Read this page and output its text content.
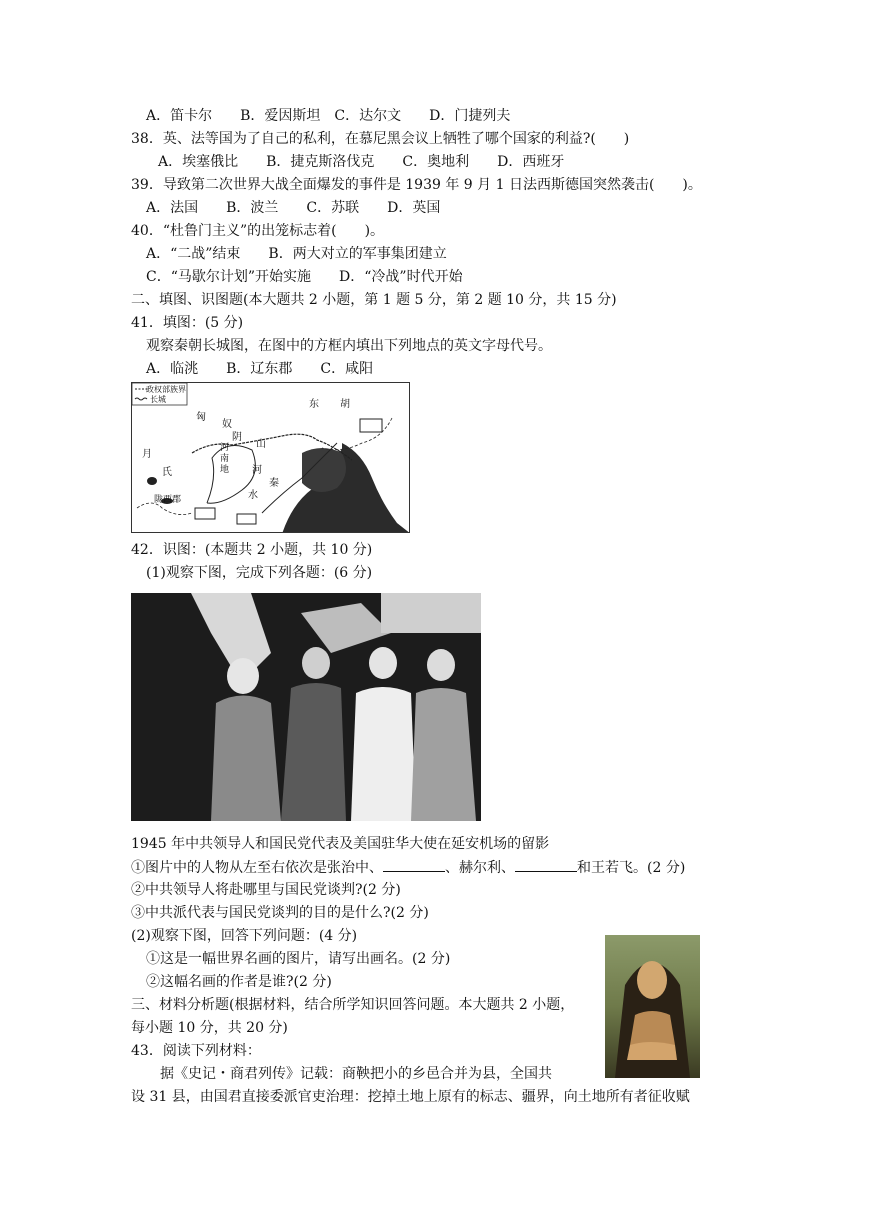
A．笛卡尔　　B．爱因斯坦　C．达尔文　　D．门捷列夫
38．英、法等国为了自己的私利，在慕尼黑会议上牺牲了哪个国家的利益?(　　)
A．埃塞俄比　　B．捷克斯洛伐克　　C．奥地利　　D．西班牙
39．导致第二次世界大战全面爆发的事件是 1939 年 9 月 1 日法西斯德国突然袭击(　　)。
A．法国　　B．波兰　　C．苏联　　D．英国
40．“杜鲁门主义”的出笼标志着(　　)。
A．“二战”结束　　B．两大对立的军事集团建立
C．“马歇尔计划”开始实施　　D．“冷战”时代开始
二、填图、识图题(本大题共 2 小题，第 1 题 5 分，第 2 题 10 分，共 15 分)
41．填图：(5 分)
观察秦朝长城图，在图中的方框内填出下列地点的英文字母代号。
A．临洮　　B．辽东郡　　C．咸阳
政权部族界
长城	东 胡
匈
奴
阴
山
河南地 河
秦
水
朝鲜
月
氏
陇西郡
42．识图：(本题共 2 小题，共 10 分)
(1)观察下图，完成下列各题：(6 分)
1945 年中共领导人和国民党代表及美国驻华大使在延安机场的留影
①图片中的人物从左至右依次是张治中、	、赫尔利、	和王若飞。(2 分)
②中共领导人将赴哪里与国民党谈判?(2 分)
③中共派代表与国民党谈判的目的是什么?(2 分)
(2)观察下图，回答下列问题：(4 分)
①这是一幅世界名画的图片，请写出画名。(2 分)
②这幅名画的作者是谁?(2 分)
三、材料分析题(根据材料，结合所学知识回答问题。本大题共 2 小题，
每小题 10 分，共 20 分)
43．阅读下列材料：
据《史记・商君列传》记载：商鞅把小的乡邑合并为县，全国共
设 31 县，由国君直接委派官吏治理：挖掉土地上原有的标志、疆界，向土地所有者征收赋
